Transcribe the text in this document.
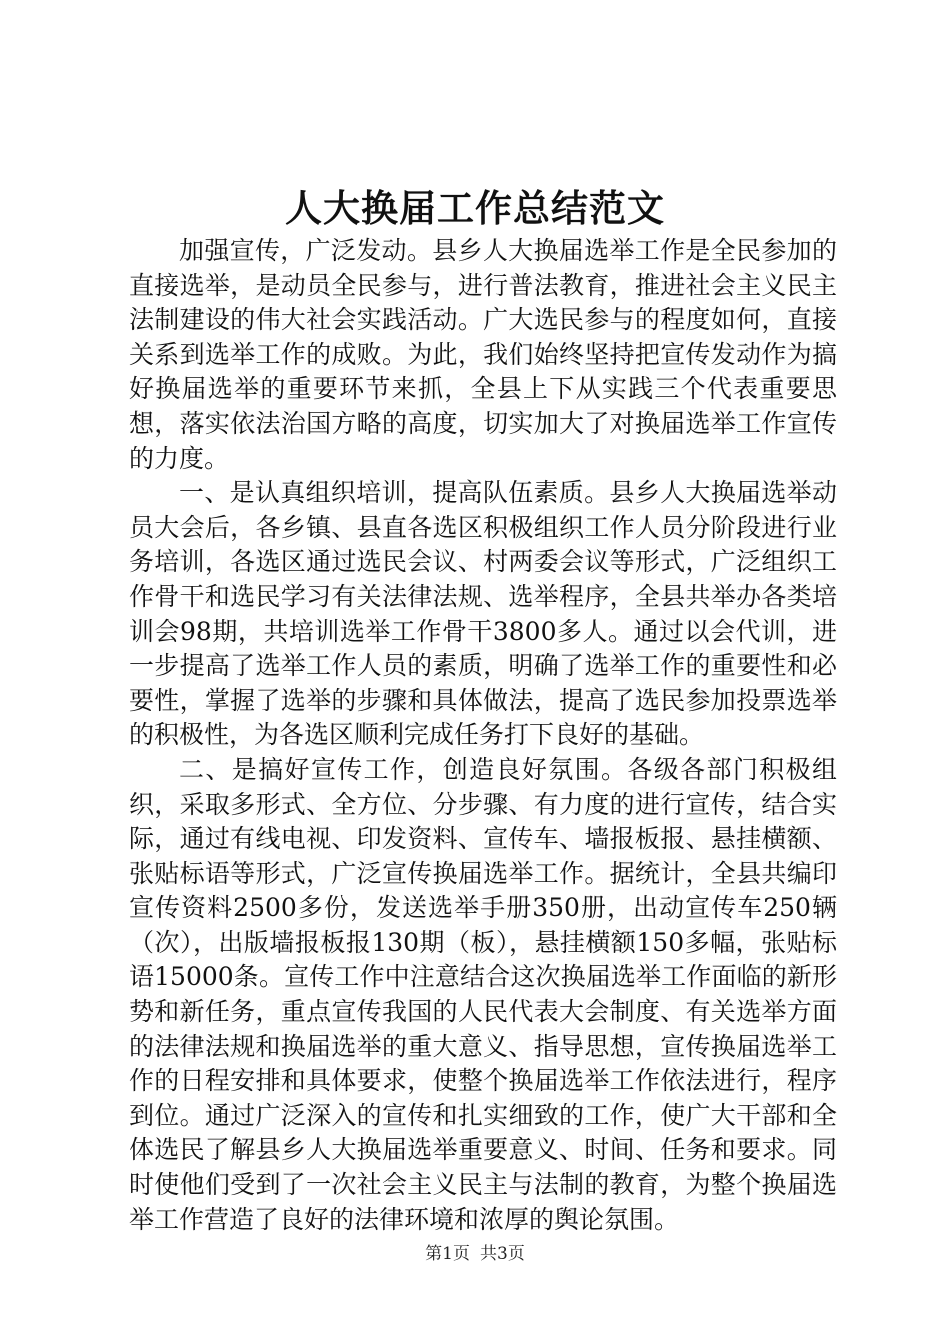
人大换届工作总结范文

加强宣传，广泛发动。县乡人大换届选举工作是全民参加的直接选举，是动员全民参与，进行普法教育，推进社会主义民主法制建设的伟大社会实践活动。广大选民参与的程度如何，直接关系到选举工作的成败。为此，我们始终坚持把宣传发动作为搞好换届选举的重要环节来抓，全县上下从实践三个代表重要思想，落实依法治国方略的高度，切实加大了对换届选举工作宣传的力度。

一、是认真组织培训，提高队伍素质。县乡人大换届选举动员大会后，各乡镇、县直各选区积极组织工作人员分阶段进行业务培训，各选区通过选民会议、村两委会议等形式，广泛组织工作骨干和选民学习有关法律法规、选举程序，全县共举办各类培训会98期，共培训选举工作骨干3800多人。通过以会代训，进一步提高了选举工作人员的素质，明确了选举工作的重要性和必要性，掌握了选举的步骤和具体做法，提高了选民参加投票选举的积极性，为各选区顺利完成任务打下良好的基础。

二、是搞好宣传工作，创造良好氛围。各级各部门积极组织，采取多形式、全方位、分步骤、有力度的进行宣传，结合实际，通过有线电视、印发资料、宣传车、墙报板报、悬挂横额、张贴标语等形式，广泛宣传换届选举工作。据统计，全县共编印宣传资料2500多份，发送选举手册350册，出动宣传车250辆（次），出版墙报板报130期（板），悬挂横额150多幅，张贴标语15000条。宣传工作中注意结合这次换届选举工作面临的新形势和新任务，重点宣传我国的人民代表大会制度、有关选举方面的法律法规和换届选举的重大意义、指导思想，宣传换届选举工作的日程安排和具体要求，使整个换届选举工作依法进行，程序到位。通过广泛深入的宣传和扎实细致的工作，使广大干部和全体选民了解县乡人大换届选举重要意义、时间、任务和要求。同时使他们受到了一次社会主义民主与法制的教育，为整个换届选举工作营造了良好的法律环境和浓厚的舆论氛围。

第1页 共3页
